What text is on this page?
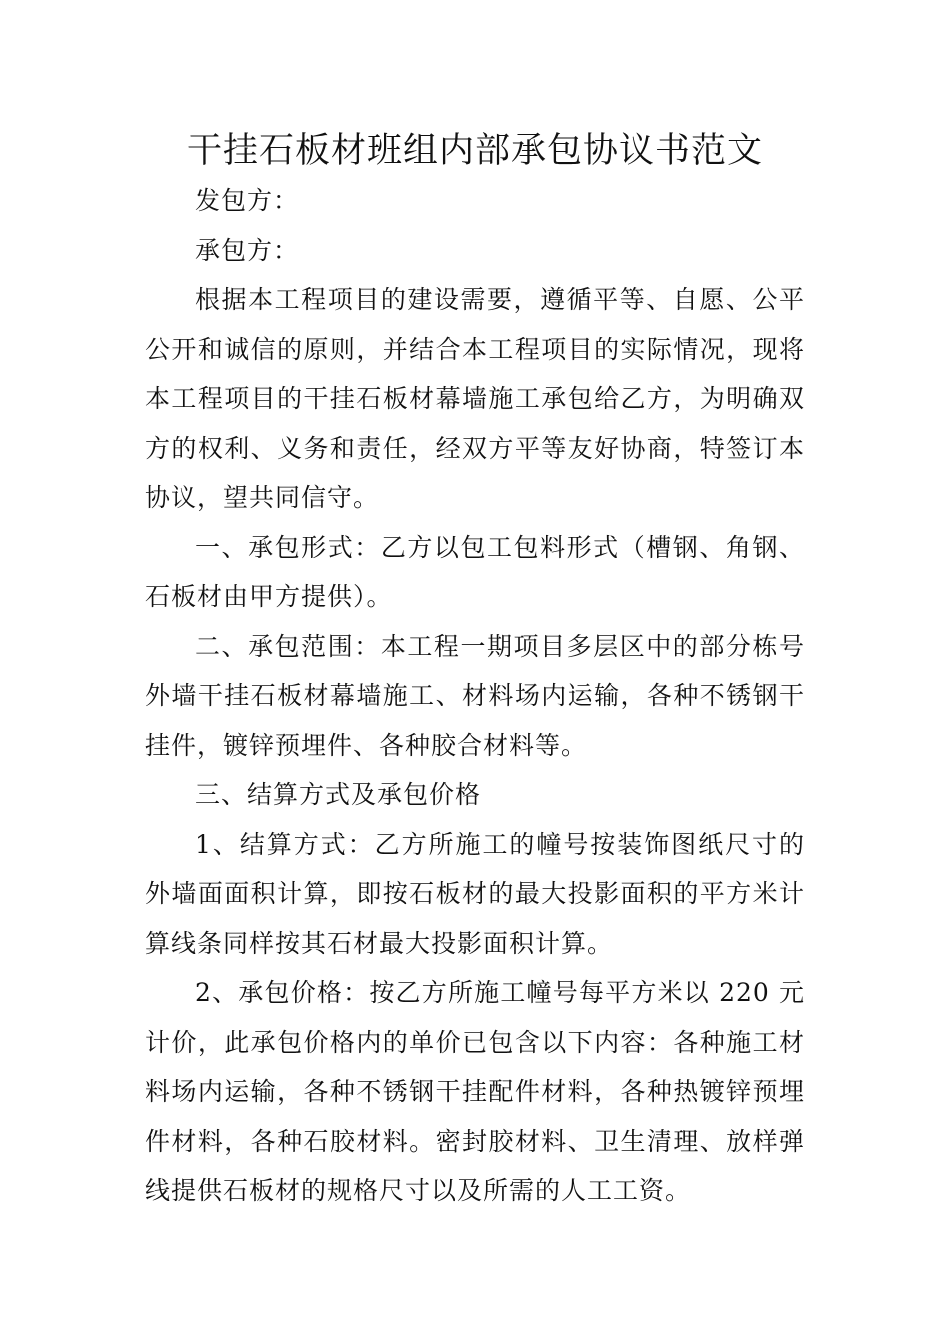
干挂石板材班组内部承包协议书范文

发包方：

承包方：

根据本工程项目的建设需要，遵循平等、自愿、公平公开和诚信的原则，并结合本工程项目的实际情况，现将本工程项目的干挂石板材幕墙施工承包给乙方，为明确双方的权利、义务和责任，经双方平等友好协商，特签订本协议，望共同信守。

一、承包形式：乙方以包工包料形式（槽钢、角钢、石板材由甲方提供）。

二、承包范围：本工程一期项目多层区中的部分栋号外墙干挂石板材幕墙施工、材料场内运输，各种不锈钢干挂件，镀锌预埋件、各种胶合材料等。

三、结算方式及承包价格

1、结算方式：乙方所施工的幢号按装饰图纸尺寸的外墙面面积计算，即按石板材的最大投影面积的平方米计算线条同样按其石材最大投影面积计算。

2、承包价格：按乙方所施工幢号每平方米以 220 元计价，此承包价格内的单价已包含以下内容：各种施工材料场内运输，各种不锈钢干挂配件材料，各种热镀锌预埋件材料，各种石胶材料。密封胶材料、卫生清理、放样弹线提供石板材的规格尺寸以及所需的人工工资。
